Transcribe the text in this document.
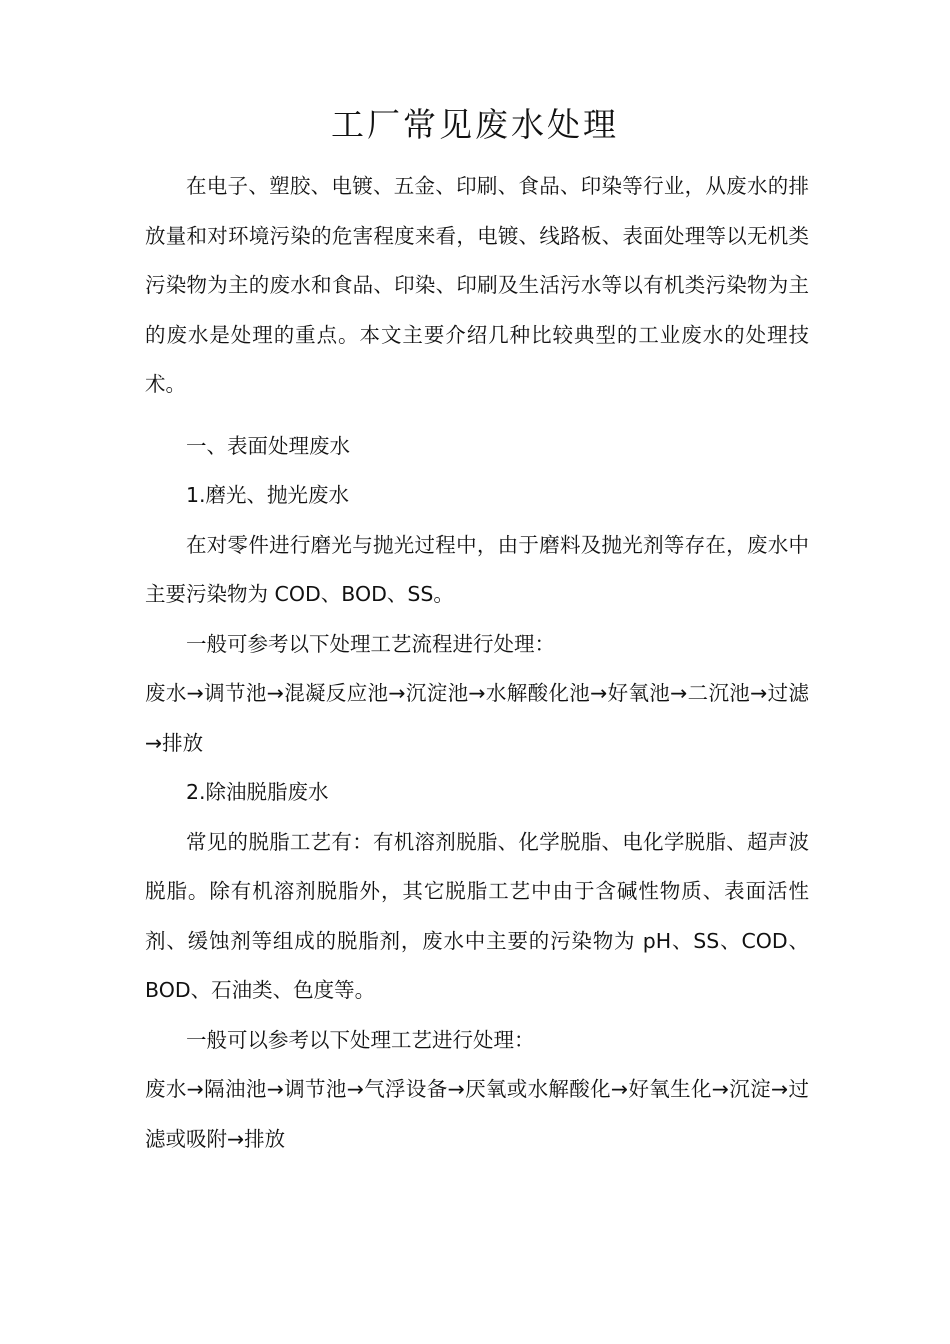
工厂常见废水处理

在电子、塑胶、电镀、五金、印刷、食品、印染等行业，从废水的排放量和对环境污染的危害程度来看，电镀、线路板、表面处理等以无机类污染物为主的废水和食品、印染、印刷及生活污水等以有机类污染物为主的废水是处理的重点。本文主要介绍几种比较典型的工业废水的处理技术。

一、表面处理废水

1.磨光、抛光废水

在对零件进行磨光与抛光过程中，由于磨料及抛光剂等存在，废水中主要污染物为 COD、BOD、SS。

一般可参考以下处理工艺流程进行处理：

废水→调节池→混凝反应池→沉淀池→水解酸化池→好氧池→二沉池→过滤→排放

2.除油脱脂废水

常见的脱脂工艺有：有机溶剂脱脂、化学脱脂、电化学脱脂、超声波脱脂。除有机溶剂脱脂外，其它脱脂工艺中由于含碱性物质、表面活性剂、缓蚀剂等组成的脱脂剂，废水中主要的污染物为 pH、SS、COD、BOD、石油类、色度等。

一般可以参考以下处理工艺进行处理：

废水→隔油池→调节池→气浮设备→厌氧或水解酸化→好氧生化→沉淀→过滤或吸附→排放
